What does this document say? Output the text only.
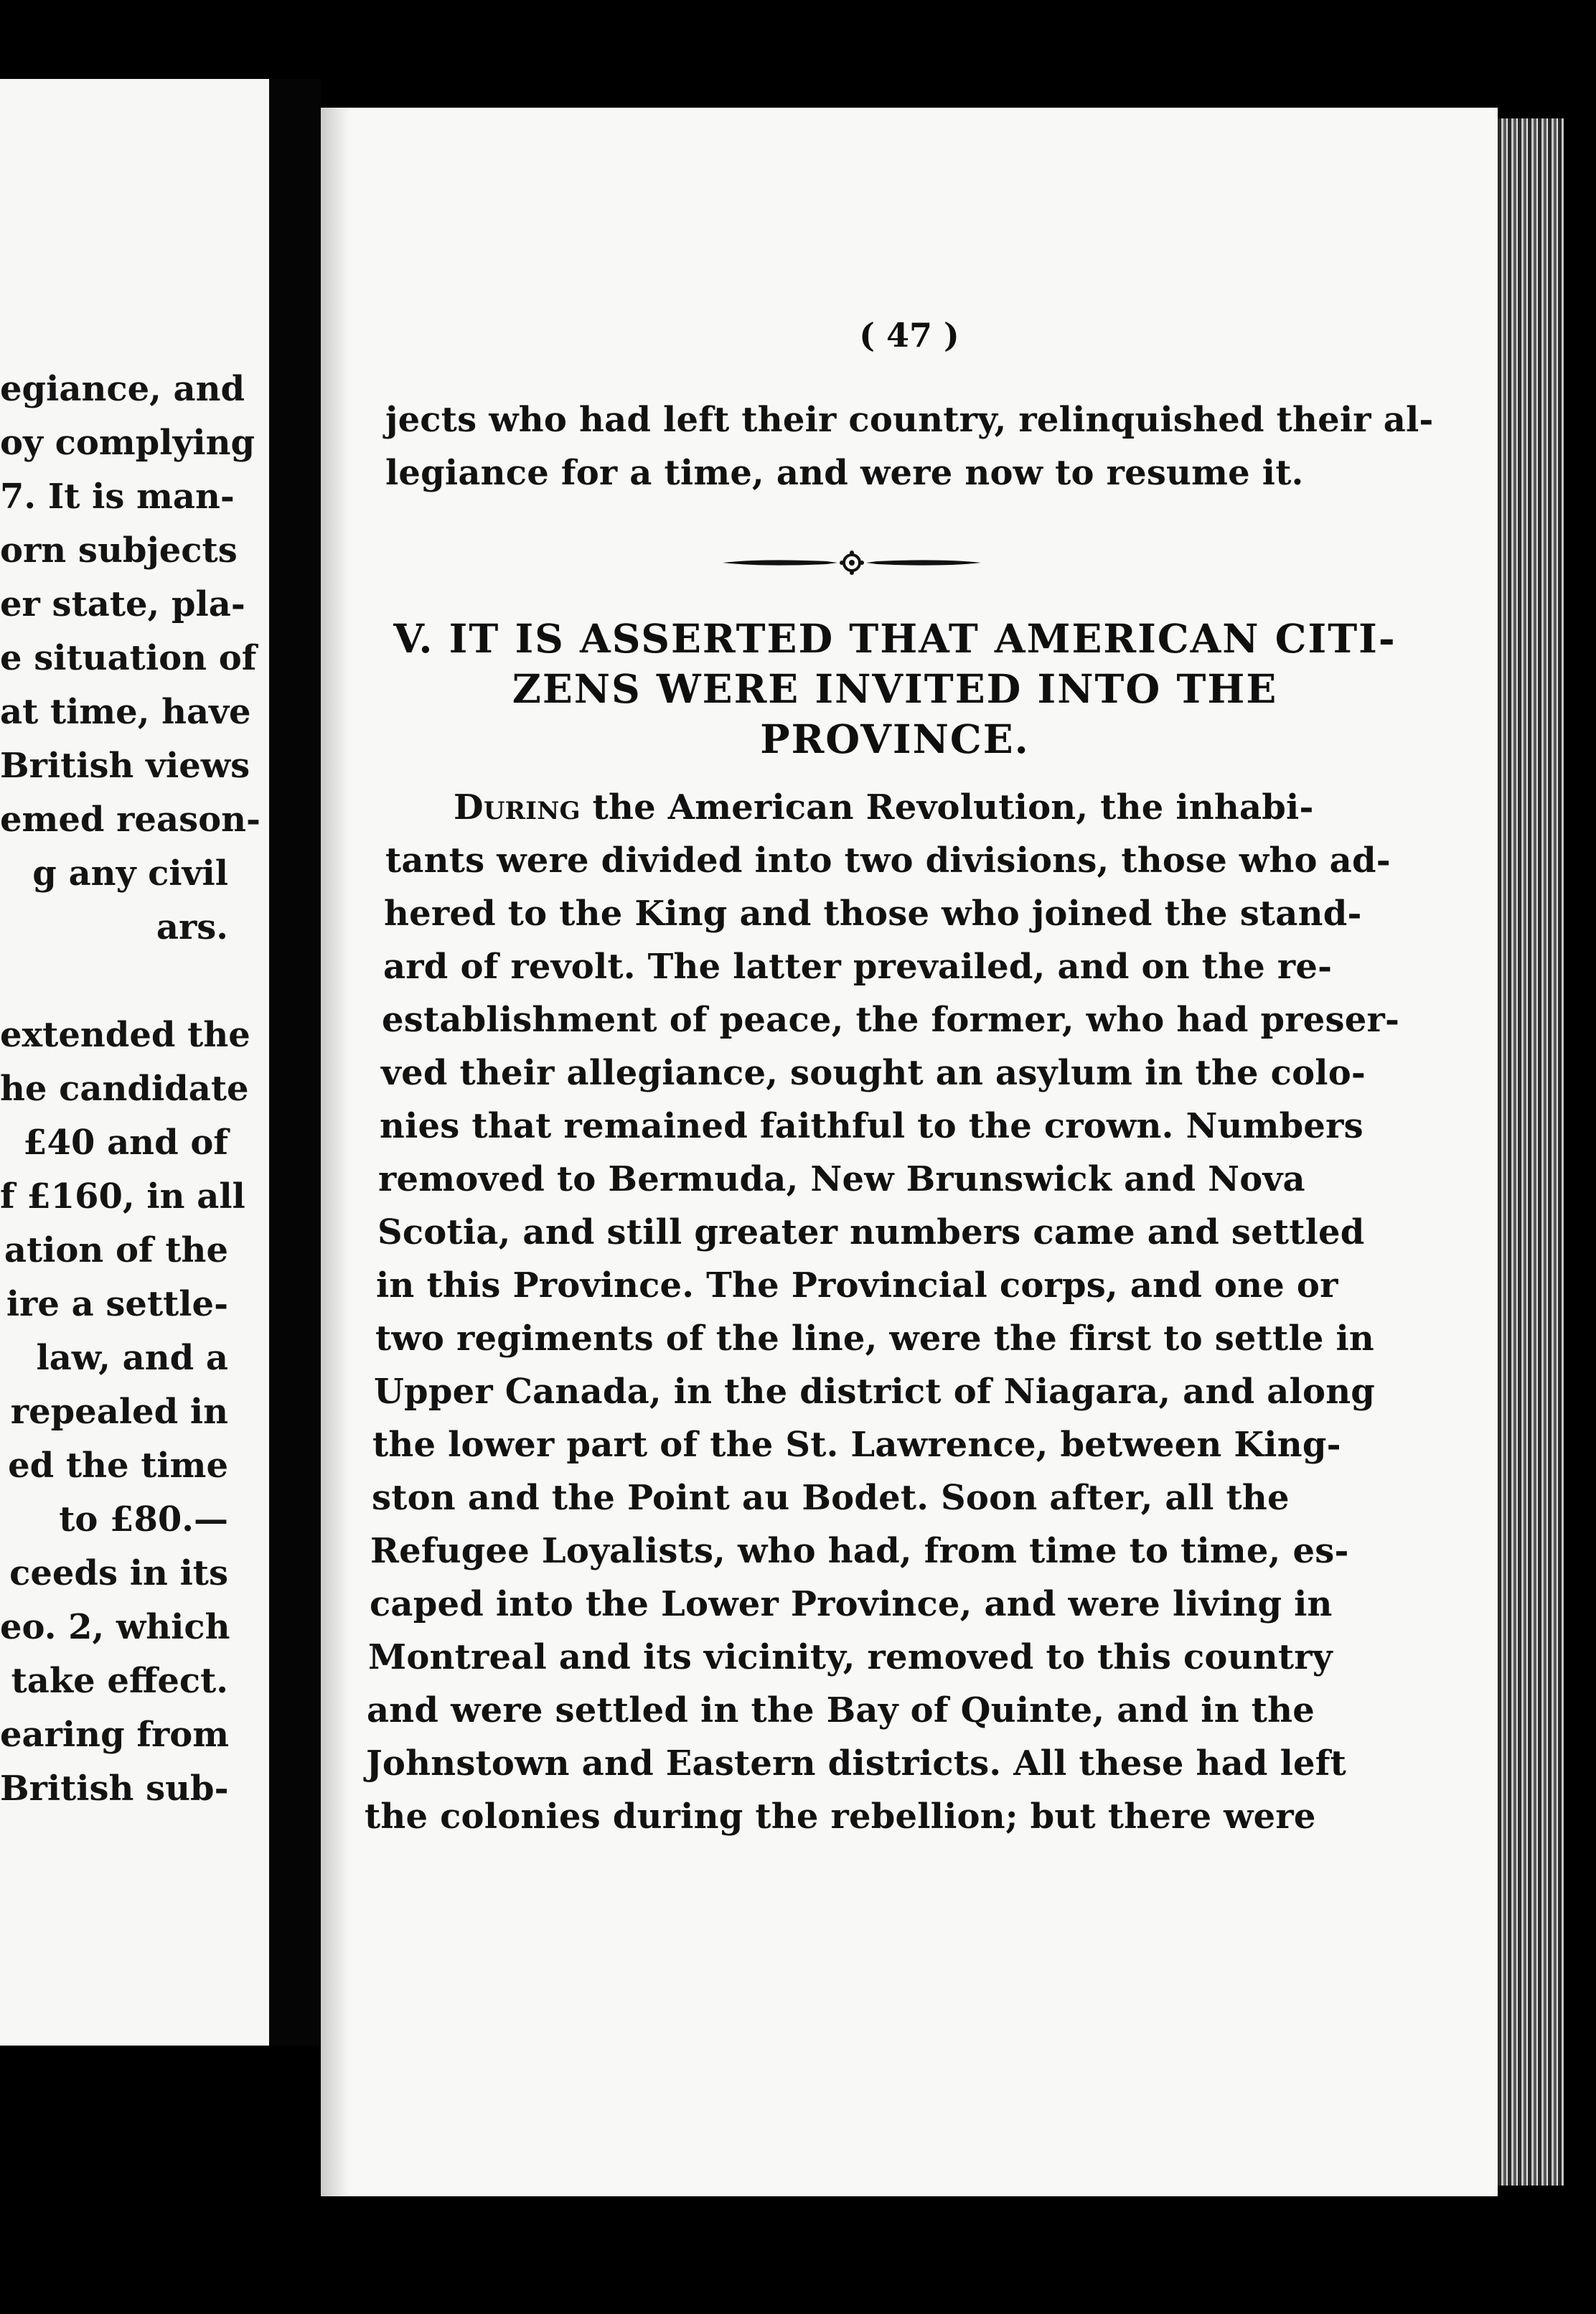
egiance, and
oy complying
7. It is man-
orn subjects
er state, pla-
e situation of
at time, have
British views
emed reason-
g any civil
ars.
extended the
he candidate
£40 and of
f £160, in all
ation of the
ire a settle-
law, and a
repealed in
ed the time
to £80.—
ceeds in its
eo. 2, which
take effect.
earing from
British sub-
( 47 )
jects who had left their country, relinquished their al-
legiance for a time, and were now to resume it.
V. IT IS ASSERTED THAT AMERICAN CITI-
ZENS WERE INVITED INTO THE
PROVINCE.
During the American Revolution, the inhabi-
tants were divided into two divisions, those who ad-
hered to the King and those who joined the stand-
ard of revolt. The latter prevailed, and on the re-
establishment of peace, the former, who had preser-
ved their allegiance, sought an asylum in the colo-
nies that remained faithful to the crown. Numbers
removed to Bermuda, New Brunswick and Nova
Scotia, and still greater numbers came and settled
in this Province. The Provincial corps, and one or
two regiments of the line, were the first to settle in
Upper Canada, in the district of Niagara, and along
the lower part of the St. Lawrence, between King-
ston and the Point au Bodet. Soon after, all the
Refugee Loyalists, who had, from time to time, es-
caped into the Lower Province, and were living in
Montreal and its vicinity, removed to this country
and were settled in the Bay of Quinte, and in the
Johnstown and Eastern districts. All these had left
the colonies during the rebellion; but there were
